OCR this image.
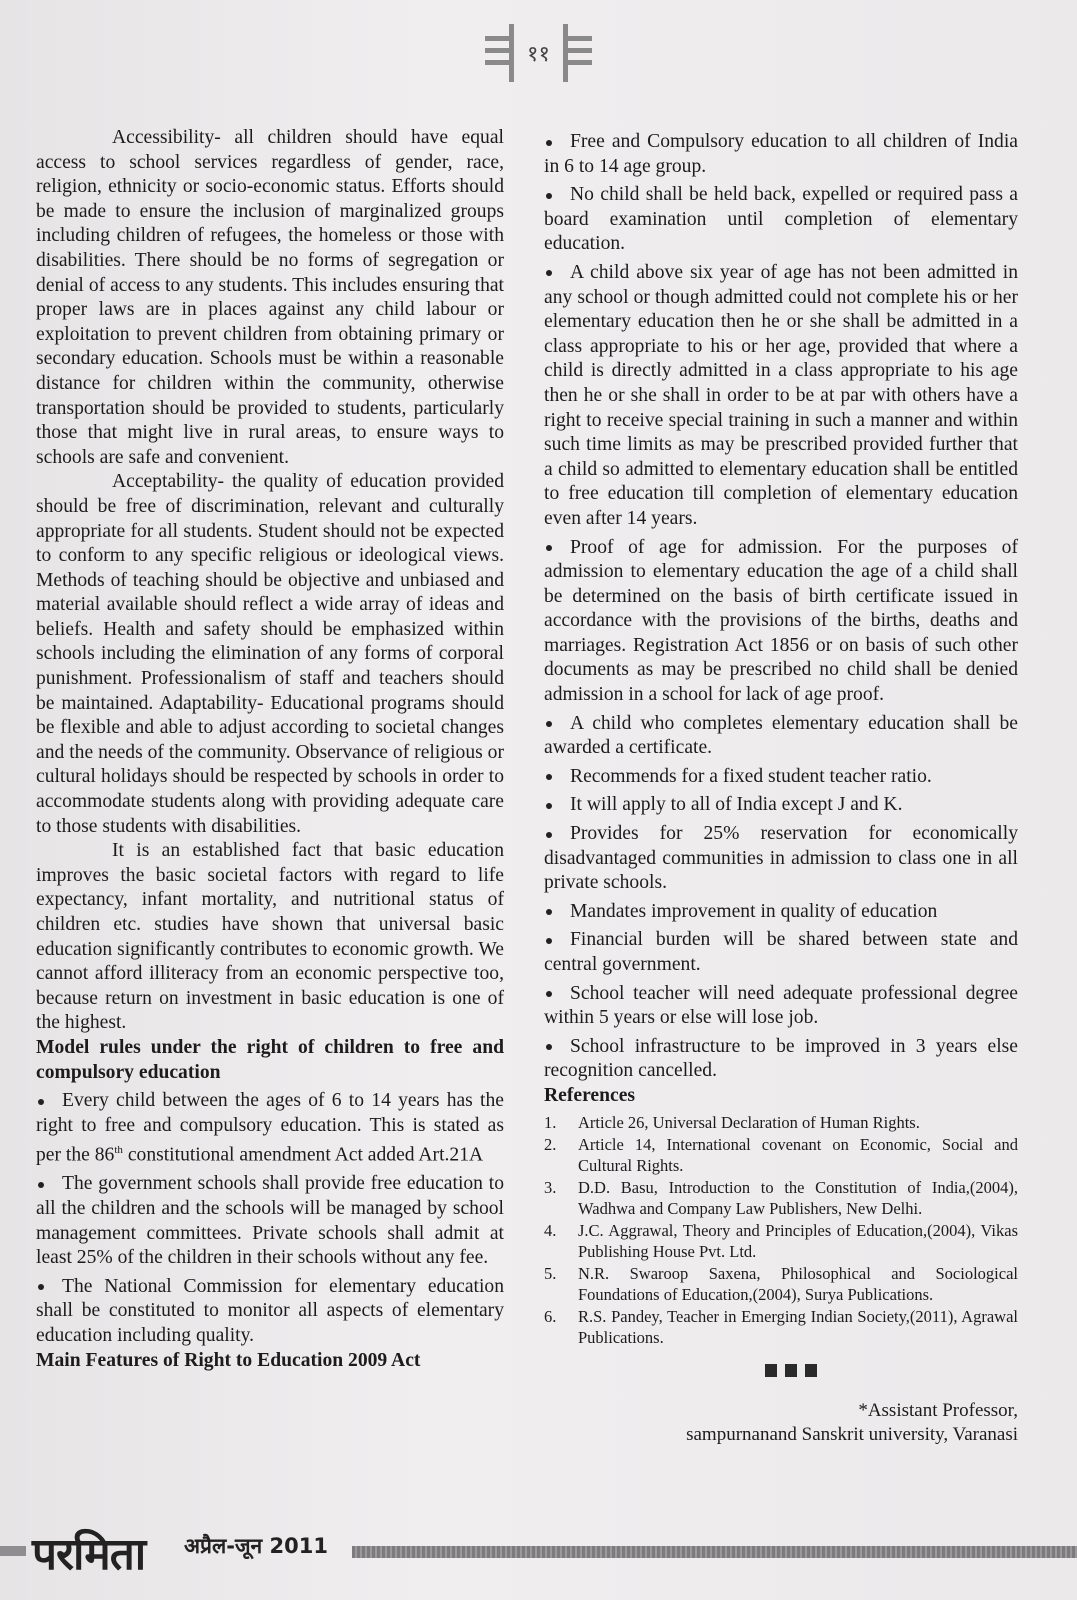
११

Accessibility- all children should have equal access to school services regardless of gender, race, religion, ethnicity or socio-economic status. Efforts should be made to ensure the inclusion of marginalized groups including children of refugees, the homeless or those with disabilities. There should be no forms of segregation or denial of access to any students. This includes ensuring that proper laws are in places against any child labour or exploitation to prevent children from obtaining primary or secondary education. Schools must be within a reasonable distance for children within the community, otherwise transportation should be provided to students, particularly those that might live in rural areas, to ensure ways to schools are safe and convenient.

Acceptability- the quality of education provided should be free of discrimination, relevant and culturally appropriate for all students. Student should not be expected to conform to any specific religious or ideological views. Methods of teaching should be objective and unbiased and material available should reflect a wide array of ideas and beliefs. Health and safety should be emphasized within schools including the elimination of any forms of corporal punishment. Professionalism of staff and teachers should be maintained. Adaptability- Educational programs should be flexible and able to adjust according to societal changes and the needs of the community. Observance of religious or cultural holidays should be respected by schools in order to accommodate students along with providing adequate care to those students with disabilities.

It is an established fact that basic education improves the basic societal factors with regard to life expectancy, infant mortality, and nutritional status of children etc. studies have shown that universal basic education significantly contributes to economic growth. We cannot afford illiteracy from an economic perspective too, because return on investment in basic education is one of the highest.

Model rules under the right of children to free and compulsory education

Every child between the ages of 6 to 14 years has the right to free and compulsory education. This is stated as per the 86th constitutional amendment Act added Art.21A

The government schools shall provide free education to all the children and the schools will be managed by school management committees. Private schools shall admit at least 25% of the children in their schools without any fee.

The National Commission for elementary education shall be constituted to monitor all aspects of elementary education including quality.

Main Features of Right to Education 2009 Act

Free and Compulsory education to all children of India in 6 to 14 age group.

No child shall be held back, expelled or required pass a board examination until completion of elementary education.

A child above six year of age has not been admitted in any school or though admitted could not complete his or her elementary education then he or she shall be admitted in a class appropriate to his or her age, provided that where a child is directly admitted in a class appropriate to his age then he or she shall in order to be at par with others have a right to receive special training in such a manner and within such time limits as may be prescribed provided further that a child so admitted to elementary education shall be entitled to free education till completion of elementary education even after 14 years.

Proof of age for admission. For the purposes of admission to elementary education the age of a child shall be determined on the basis of birth certificate issued in accordance with the provisions of the births, deaths and marriages. Registration Act 1856 or on basis of such other documents as may be prescribed no child shall be denied admission in a school for lack of age proof.

A child who completes elementary education shall be awarded a certificate.

Recommends for a fixed student teacher ratio.

It will apply to all of India except J and K.

Provides for 25% reservation for economically disadvantaged communities in admission to class one in all private schools.

Mandates improvement in quality of education

Financial burden will be shared between state and central government.

School teacher will need adequate professional degree within 5 years or else will lose job.

School infrastructure to be improved in 3 years else recognition cancelled.

References

1.	Article 26, Universal Declaration of Human Rights.
2.	Article 14, International covenant on Economic, Social and Cultural Rights.
3.	D.D. Basu, Introduction to the Constitution of India,(2004), Wadhwa and Company Law Publishers, New Delhi.
4.	J.C. Aggrawal, Theory and Principles of Education,(2004), Vikas Publishing House Pvt. Ltd.
5.	N.R. Swaroop Saxena, Philosophical and Sociological Foundations of Education,(2004), Surya Publications.
6.	R.S. Pandey, Teacher in Emerging Indian Society,(2011), Agrawal Publications.
*Assistant Professor,
sampurnanand Sanskrit university, Varanasi
परमिता अप्रैल-जून 2011
